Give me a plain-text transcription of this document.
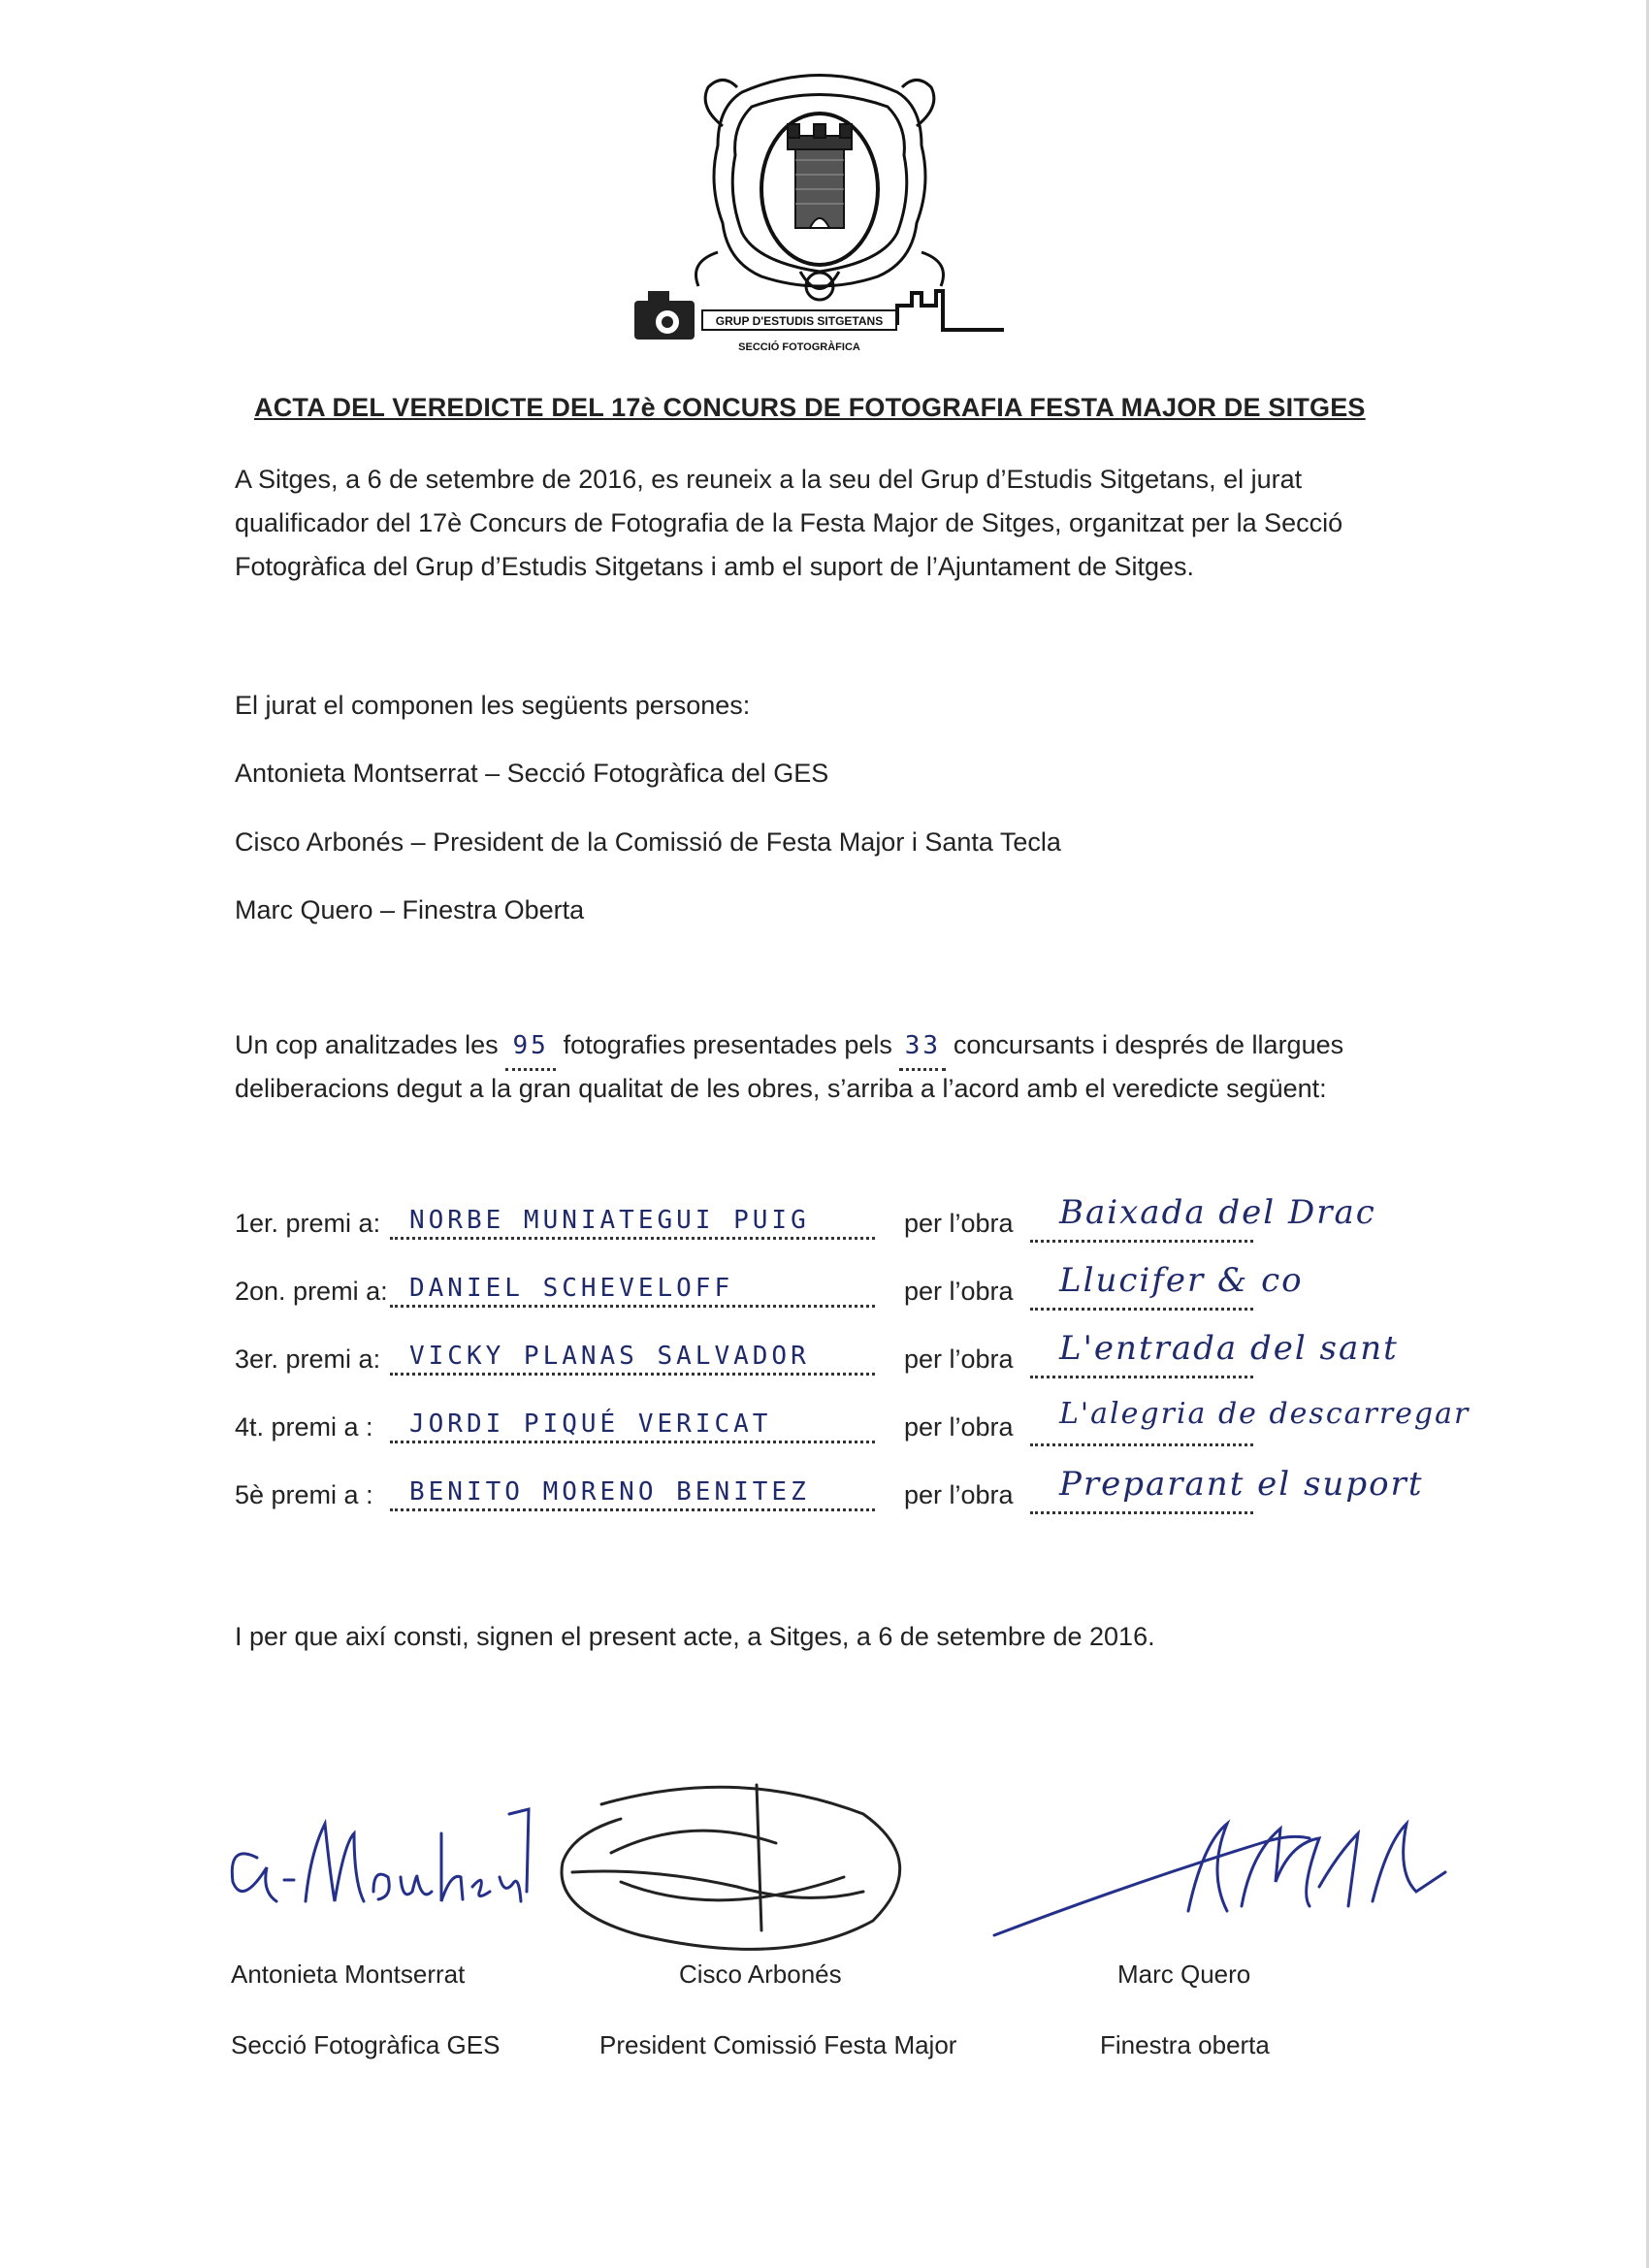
GRUP D'ESTUDIS SITGETANS
SECCIÓ FOTOGRÀFICA
ACTA DEL VEREDICTE DEL 17è CONCURS DE FOTOGRAFIA FESTA MAJOR DE SITGES
A Sitges, a 6 de setembre de 2016, es reuneix a la seu del Grup d’Estudis Sitgetans, el jurat
qualificador del 17è Concurs de Fotografia de la Festa Major de Sitges, organitzat per la Secció
Fotogràfica del Grup d’Estudis Sitgetans i amb el suport de l’Ajuntament de Sitges.
El jurat el componen les següents persones:
Antonieta Montserrat – Secció Fotogràfica del GES
Cisco Arbonés – President de la Comissió de Festa Major i Santa Tecla
Marc Quero – Finestra Oberta
Un cop analitzades les 95 fotografies presentades pels 33 concursants i després de llargues
deliberacions degut a la gran qualitat de les obres, s’arriba a l’acord amb el veredicte següent:
1er. premi a:	NORBE MUNIATEGUI PUIG	per l’obra Baixada del Drac
2on. premi a: DANIEL SCHEVELOFF	per l’obra Llucifer & co
3er. premi a:	VICKY PLANAS SALVADOR	per l’obra L'entrada del sant
4t. premi a :	JORDI PIQUÉ VERICAT	per l’obra L'alegria de descarregar
5è premi a :	BENITO MORENO BENITEZ	per l’obra Preparant el suport
I per que així consti, signen el present acte, a Sitges, a 6 de setembre de 2016.
Antonieta Montserrat
Secció Fotogràfica GES
Cisco Arbonés
President Comissió Festa Major
Marc Quero
Finestra oberta
